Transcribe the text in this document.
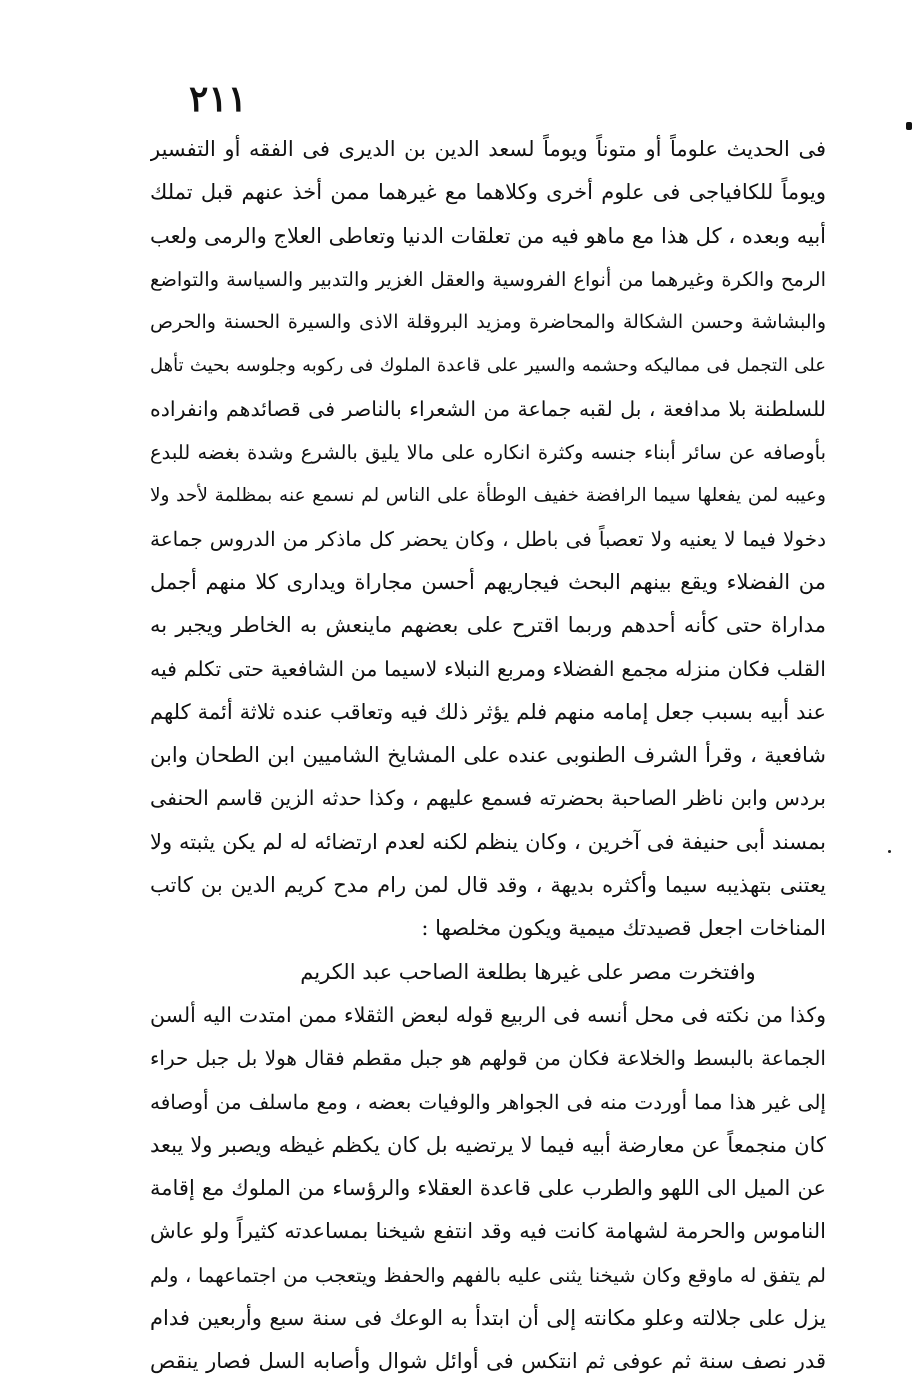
٢١١
فى الحديث علوماً أو متوناً ويوماً لسعد الدين بن الديرى فى الفقه أو التفسير
ويوماً للكافياجى فى علوم أخرى وكلاهما مع غيرهما ممن أخذ عنهم قبل تملك
أبيه وبعده ، كل هذا مع ماهو فيه من تعلقات الدنيا وتعاطى العلاج والرمى ولعب
الرمح والكرة وغيرهما من أنواع الفروسية والعقل الغزير والتدبير والسياسة والتواضع
والبشاشة وحسن الشكالة والمحاضرة ومزيد البروقلة الاذى والسيرة الحسنة والحرص
على التجمل فى مماليكه وحشمه والسير على قاعدة الملوك فى ركوبه وجلوسه بحيث تأهل
للسلطنة بلا مدافعة ، بل لقبه جماعة من الشعراء بالناصر فى قصائدهم وانفراده
بأوصافه عن سائر أبناء جنسه وكثرة انكاره على مالا يليق بالشرع وشدة بغضه للبدع
وعيبه لمن يفعلها سيما الرافضة خفيف الوطأة على الناس لم نسمع عنه بمظلمة لأحد ولا
دخولا فيما لا يعنيه ولا تعصباً فى باطل ، وكان يحضر كل ماذكر من الدروس جماعة
من الفضلاء ويقع بينهم البحث فيجاريهم أحسن مجاراة ويدارى كلا منهم أجمل
مداراة حتى كأنه أحدهم وربما اقترح على بعضهم ماينعش به الخاطر ويجبر به
القلب فكان منزله مجمع الفضلاء ومربع النبلاء لاسيما من الشافعية حتى تكلم فيه
عند أبيه بسبب جعل إمامه منهم فلم يؤثر ذلك فيه وتعاقب عنده ثلاثة أئمة كلهم
شافعية ، وقرأ الشرف الطنوبى عنده على المشايخ الشاميين ابن الطحان وابن
بردس وابن ناظر الصاحبة بحضرته فسمع عليهم ، وكذا حدثه الزين قاسم الحنفى
بمسند أبى حنيفة فى آخرين ، وكان ينظم لكنه لعدم ارتضائه له لم يكن يثبته ولا
يعتنى بتهذيبه سيما وأكثره بديهة ، وقد قال لمن رام مدح كريم الدين بن كاتب
المناخات اجعل قصيدتك ميمية ويكون مخلصها :
وافتخرت مصر على غيرها بطلعة الصاحب عبد الكريم
وكذا من نكته فى محل أنسه فى الربيع قوله لبعض الثقلاء ممن امتدت اليه ألسن
الجماعة بالبسط والخلاعة فكان من قولهم هو جبل مقطم فقال هولا بل جبل حراء
إلى غير هذا مما أوردت منه فى الجواهر والوفيات بعضه ، ومع ماسلف من أوصافه
كان منجمعاً عن معارضة أبيه فيما لا يرتضيه بل كان يكظم غيظه ويصبر ولا يبعد
عن الميل الى اللهو والطرب على قاعدة العقلاء والرؤساء من الملوك مع إقامة
الناموس والحرمة لشهامة كانت فيه وقد انتفع شيخنا بمساعدته كثيراً ولو عاش
لم يتفق له ماوقع وكان شيخنا يثنى عليه بالفهم والحفظ ويتعجب من اجتماعهما ، ولم
يزل على جلالته وعلو مكانته إلى أن ابتدأ به الوعك فى سنة سبع وأربعين فدام
قدر نصف سنة ثم عوفى ثم انتكس فى أوائل شوال وأصابه السل فصار ينقص
